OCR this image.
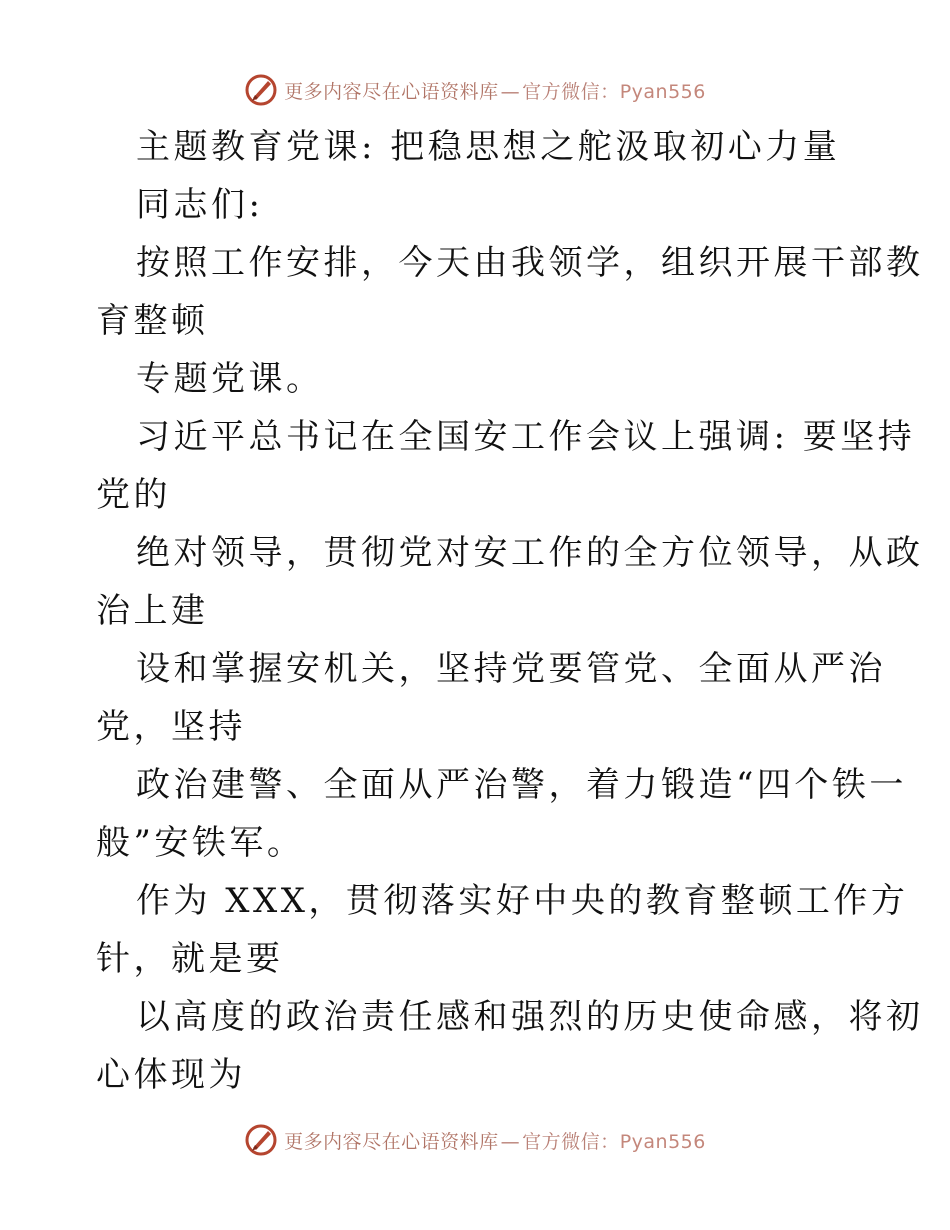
更多内容尽在心语资料库 — 官方微信：Pyan556
主题教育党课: 把稳思想之舵汲取初心力量
同志们:
按照工作安排，今天由我领学，组织开展干部教
育整顿
专题党课。
习近平总书记在全国安工作会议上强调: 要坚持
党的
绝对领导，贯彻党对安工作的全方位领导，从政
治上建
设和掌握安机关，坚持党要管党、全面从严治
党，坚持
政治建警、全面从严治警，着力锻造“四个铁一
般”安铁军。
作为 XXX，贯彻落实好中央的教育整顿工作方
针，就是要
以高度的政治责任感和强烈的历史使命感，将初
心体现为
更多内容尽在心语资料库 — 官方微信：Pyan556
